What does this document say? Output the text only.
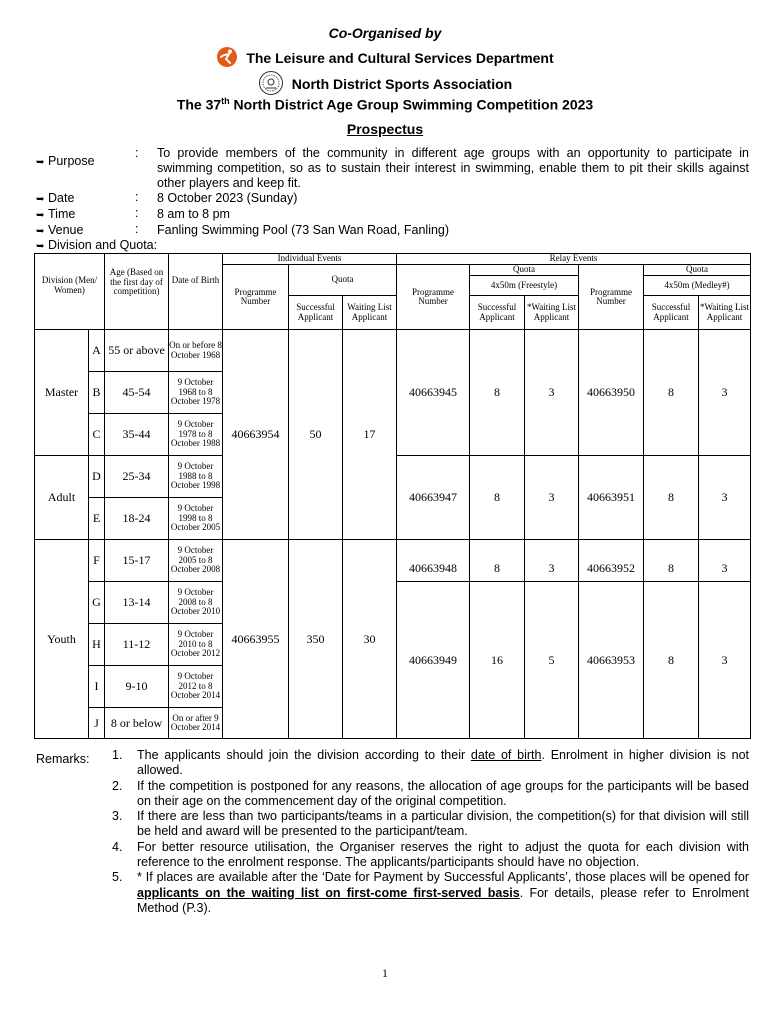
Co-Organised by
The Leisure and Cultural Services Department
North District Sports Association
The 37th North District Age Group Swimming Competition 2023
Prospectus
➥ Purpose
: To provide members of the community in different age groups with an opportunity to participate in swimming competition, so as to sustain their interest in swimming, enable them to pit their skills against other players and keep fit.
➥ Date	: 8 October 2023 (Sunday)
➥ Time	: 8 am to 8 pm
➥ Venue	: Fanling Swimming Pool (73 San Wan Road, Fanling)
➥ Division and Quota:
Division (Men/ Women)		Age (Based on the first day of competition)	Date of Birth	Individual Events			Relay Events					
				Programme Number	Quota		Programme Number	Quota		Programme Number	Quota	
								4x50m (Freestyle)			4x50m (Medley#)	
					Successful Applicant	Waiting List Applicant		Successful Applicant	*Waiting List Applicant		Successful Applicant	*Waiting List Applicant
Master	A	55 or above	On or before 8 October 1968	40663954	50	17	40663945	8	3	40663950	8	3
	B	45-54	9 October 1968 to 8 October 1978									
	C	35-44	9 October 1978 to 8 October 1988									
Adult	D	25-34	9 October 1988 to 8 October 1998				40663947	8	3	40663951	8	3
	E	18-24	9 October 1998 to 8 October 2005									
Youth	F	15-17	9 October 2005 to 8 October 2008	40663955	350	30	40663948	8	3	40663952	8	3
	G	13-14	9 October 2008 to 8 October 2010				40663949	16	5	40663953	8	3
	H	11-12	9 October 2010 to 8 October 2012									
	I	9-10	9 October 2012 to 8 October 2014									
	J	8 or below	On or after 9 October 2014									
Remarks: 1. The applicants should join the division according to their date of birth. Enrolment in higher division is not allowed.
2. If the competition is postponed for any reasons, the allocation of age groups for the participants will be based on their age on the commencement day of the original competition.
3. If there are less than two participants/teams in a particular division, the competition(s) for that division will still be held and award will be presented to the participant/team.
4. For better resource utilisation, the Organiser reserves the right to adjust the quota for each division with reference to the enrolment response. The applicants/participants should have no objection.
5. * If places are available after the ‘Date for Payment by Successful Applicants’, those places will be opened for applicants on the waiting list on first-come first-served basis. For details, please refer to Enrolment Method (P.3).
1
